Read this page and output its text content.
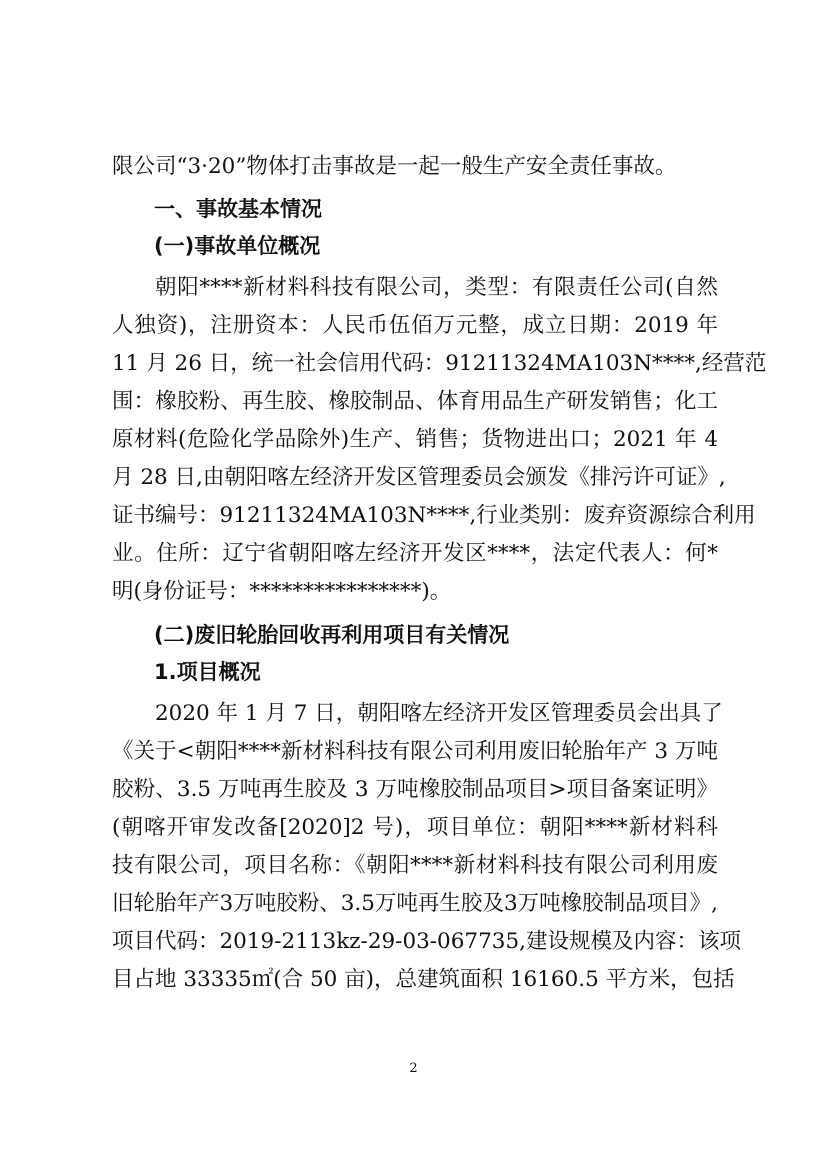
限公司“3·20”物体打击事故是一起一般生产安全责任事故。
一、事故基本情况
(一)事故单位概况
朝阳****新材料科技有限公司，类型：有限责任公司(自然
人独资)，注册资本：人民币伍佰万元整，成立日期：2019 年
11 月 26 日，统一社会信用代码：91211324MA103N****,经营范
围：橡胶粉、再生胶、橡胶制品、体育用品生产研发销售；化工
原材料(危险化学品除外)生产、销售；货物进出口；2021 年 4
月 28 日,由朝阳喀左经济开发区管理委员会颁发《排污许可证》,
证书编号：91211324MA103N****,行业类别：废弃资源综合利用
业。住所：辽宁省朝阳喀左经济开发区****，法定代表人：何*
明(身份证号：****************)。
(二)废旧轮胎回收再利用项目有关情况
1.项目概况
2020 年 1 月 7 日，朝阳喀左经济开发区管理委员会出具了
《关于<朝阳****新材料科技有限公司利用废旧轮胎年产 3 万吨
胶粉、3.5 万吨再生胶及 3 万吨橡胶制品项目>项目备案证明》
(朝喀开审发改备[2020]2 号)，项目单位：朝阳****新材料科
技有限公司，项目名称：《朝阳****新材料科技有限公司利用废
旧轮胎年产3万吨胶粉、3.5万吨再生胶及3万吨橡胶制品项目》,
项目代码：2019-2113kz-29-03-067735,建设规模及内容：该项
目占地 33335㎡(合 50 亩)，总建筑面积 16160.5 平方米，包括
2
